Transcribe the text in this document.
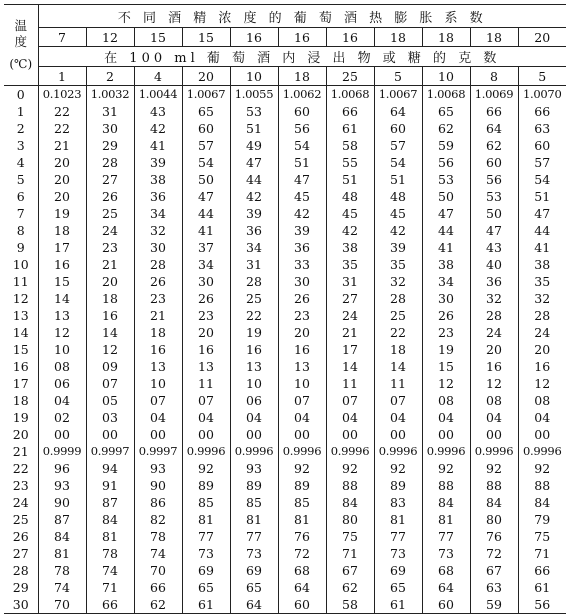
温
度
(℃)	不 同 酒 精 浓 度 的 葡 萄 酒 热 膨 胀 系 数										
	7	12	15	15	16	16	16	18	18	18	20
	在 100 ml 葡 萄 酒 内 浸 出 物 或 糖 的 克 数										
	1	2	4	20	10	18	25	5	10	8	5
0	0.1023	1.0032	1.0044	1.0067	1.0055	1.0062	1.0068	1.0067	1.0068	1.0069	1.0070
1	22	31	43	65	53	60	66	64	65	66	66
2	22	30	42	60	51	56	61	60	62	64	63
3	21	29	41	57	49	54	58	57	59	62	60
4	20	28	39	54	47	51	55	54	56	60	57
5	20	27	38	50	44	47	51	51	53	56	54
6	20	26	36	47	42	45	48	48	50	53	51
7	19	25	34	44	39	42	45	45	47	50	47
8	18	24	32	41	36	39	42	42	44	47	44
9	17	23	30	37	34	36	38	39	41	43	41
10	16	21	28	34	31	33	35	35	38	40	38
11	15	20	26	30	28	30	31	32	34	36	35
12	14	18	23	26	25	26	27	28	30	32	32
13	13	16	21	23	22	23	24	25	26	28	28
14	12	14	18	20	19	20	21	22	23	24	24
15	10	12	16	16	16	16	17	18	19	20	20
16	08	09	13	13	13	13	14	14	15	16	16
17	06	07	10	11	10	10	11	11	12	12	12
18	04	05	07	07	06	07	07	07	08	08	08
19	02	03	04	04	04	04	04	04	04	04	04
20	00	00	00	00	00	00	00	00	00	00	00
21	0.9999	0.9997	0.9997	0.9996	0.9996	0.9996	0.9996	0.9996	0.9996	0.9996	0.9996
22	96	94	93	92	93	92	92	92	92	92	92
23	93	91	90	89	89	89	88	89	88	88	88
24	90	87	86	85	85	85	84	83	84	84	84
25	87	84	82	81	81	81	80	81	81	80	79
26	84	81	78	77	77	76	75	77	77	76	75
27	81	78	74	73	73	72	71	73	73	72	71
28	78	74	70	69	69	68	67	69	68	67	66
29	74	71	66	65	65	64	62	65	64	63	61
30	70	66	62	61	64	60	58	61	60	59	56
